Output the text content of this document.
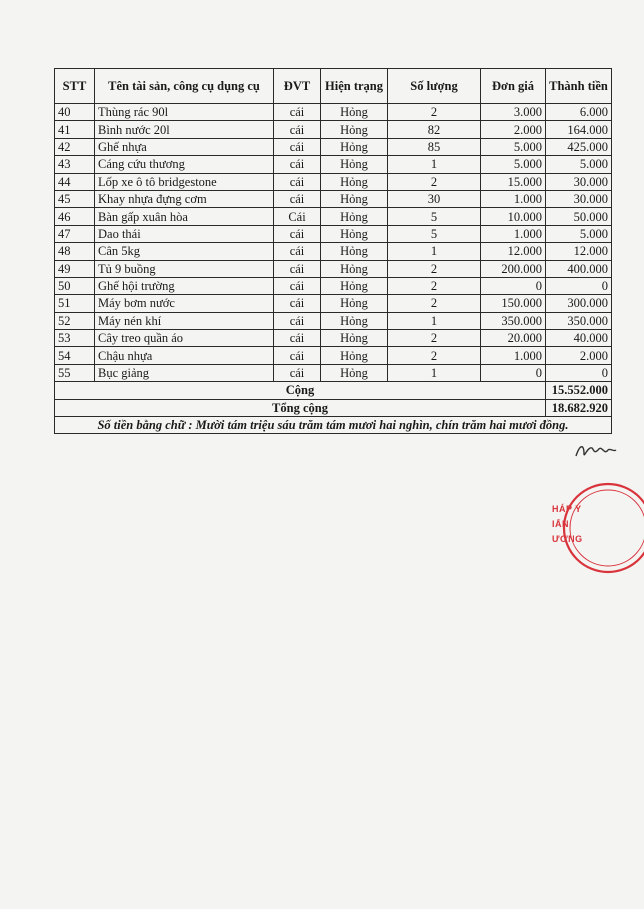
STT	Tên tài sản, công cụ dụng cụ	ĐVT	Hiện trạng	Số lượng	Đơn giá	Thành tiền
40	Thùng rác 90l	cái	Hỏng	2	3.000	6.000
41	Bình nước 20l	cái	Hỏng	82	2.000	164.000
42	Ghế nhựa	cái	Hỏng	85	5.000	425.000
43	Cáng cứu thương	cái	Hỏng	1	5.000	5.000
44	Lốp xe ô tô bridgestone	cái	Hỏng	2	15.000	30.000
45	Khay nhựa đựng cơm	cái	Hỏng	30	1.000	30.000
46	Bàn gấp xuân hòa	Cái	Hỏng	5	10.000	50.000
47	Dao thái	cái	Hỏng	5	1.000	5.000
48	Cân 5kg	cái	Hỏng	1	12.000	12.000
49	Tủ 9 buồng	cái	Hỏng	2	200.000	400.000
50	Ghế hội trường	cái	Hỏng	2	0	0
51	Máy bơm nước	cái	Hỏng	2	150.000	300.000
52	Máy nén khí	cái	Hỏng	1	350.000	350.000
53	Cây treo quần áo	cái	Hỏng	2	20.000	40.000
54	Chậu nhựa	cái	Hỏng	2	1.000	2.000
55	Bục giảng	cái	Hỏng	1	0	0
Cộng						15.552.000
Tổng cộng						18.682.920
Số tiền bằng chữ : Mười tám triệu sáu trăm tám mươi hai nghìn, chín trăm hai mươi đồng.						
HÁP Y
IẤN
ƯƠNG
